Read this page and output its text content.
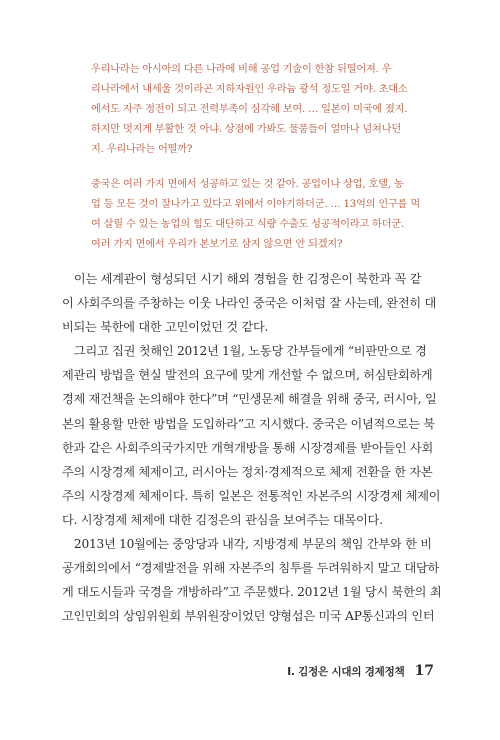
우리나라는 아시아의 다른 나라에 비해 공업 기술이 한참 뒤떨어져. 우
리나라에서 내세울 것이라곤 지하자원인 우라늄 광석 정도일 거야. 초대소
에서도 자주 정전이 되고 전력부족이 심각해 보여. … 일본이 미국에 졌지.
하지만 멋지게 부활한 것 아냐. 상점에 가봐도 물품들이 얼마나 넘쳐나던
지. 우리나라는 어떨까?
중국은 여러 가지 면에서 성공하고 있는 것 같아. 공업이나 상업, 호텔, 농
업 등 모든 것이 잘나가고 있다고 위에서 이야기하더군. … 13억의 인구를 먹
여 살릴 수 있는 농업의 힘도 대단하고 식량 수출도 성공적이라고 하더군.
여러 가지 면에서 우리가 본보기로 삼지 않으면 안 되겠지?
　이는 세계관이 형성되던 시기 해외 경험을 한 김정은이 북한과 꼭 같
이 사회주의를 주창하는 이웃 나라인 중국은 이처럼 잘 사는데, 완전히 대
비되는 북한에 대한 고민이었던 것 같다.
　그리고 집권 첫해인 2012년 1월, 노동당 간부들에게 “비판만으로 경
제관리 방법을 현실 발전의 요구에 맞게 개선할 수 없으며, 허심탄회하게
경제 재건책을 논의해야 한다”며 “민생문제 해결을 위해 중국, 러시아, 일
본의 활용할 만한 방법을 도입하라”고 지시했다. 중국은 이념적으로는 북
한과 같은 사회주의국가지만 개혁개방을 통해 시장경제를 받아들인 사회
주의 시장경제 체제이고, 러시아는 정치·경제적으로 체제 전환을 한 자본
주의 시장경제 체제이다. 특히 일본은 전통적인 자본주의 시장경제 체제이
다. 시장경제 체제에 대한 김정은의 관심을 보여주는 대목이다.
　2013년 10월에는 중앙당과 내각, 지방경제 부문의 책임 간부와 한 비
공개회의에서 “경제발전을 위해 자본주의 침투를 두려워하지 말고 대담하
게 대도시들과 국경을 개방하라”고 주문했다. 2012년 1월 당시 북한의 최
고인민회의 상임위원회 부위원장이었던 양형섭은 미국 AP통신과의 인터
I. 김정은 시대의 경제정책 17
